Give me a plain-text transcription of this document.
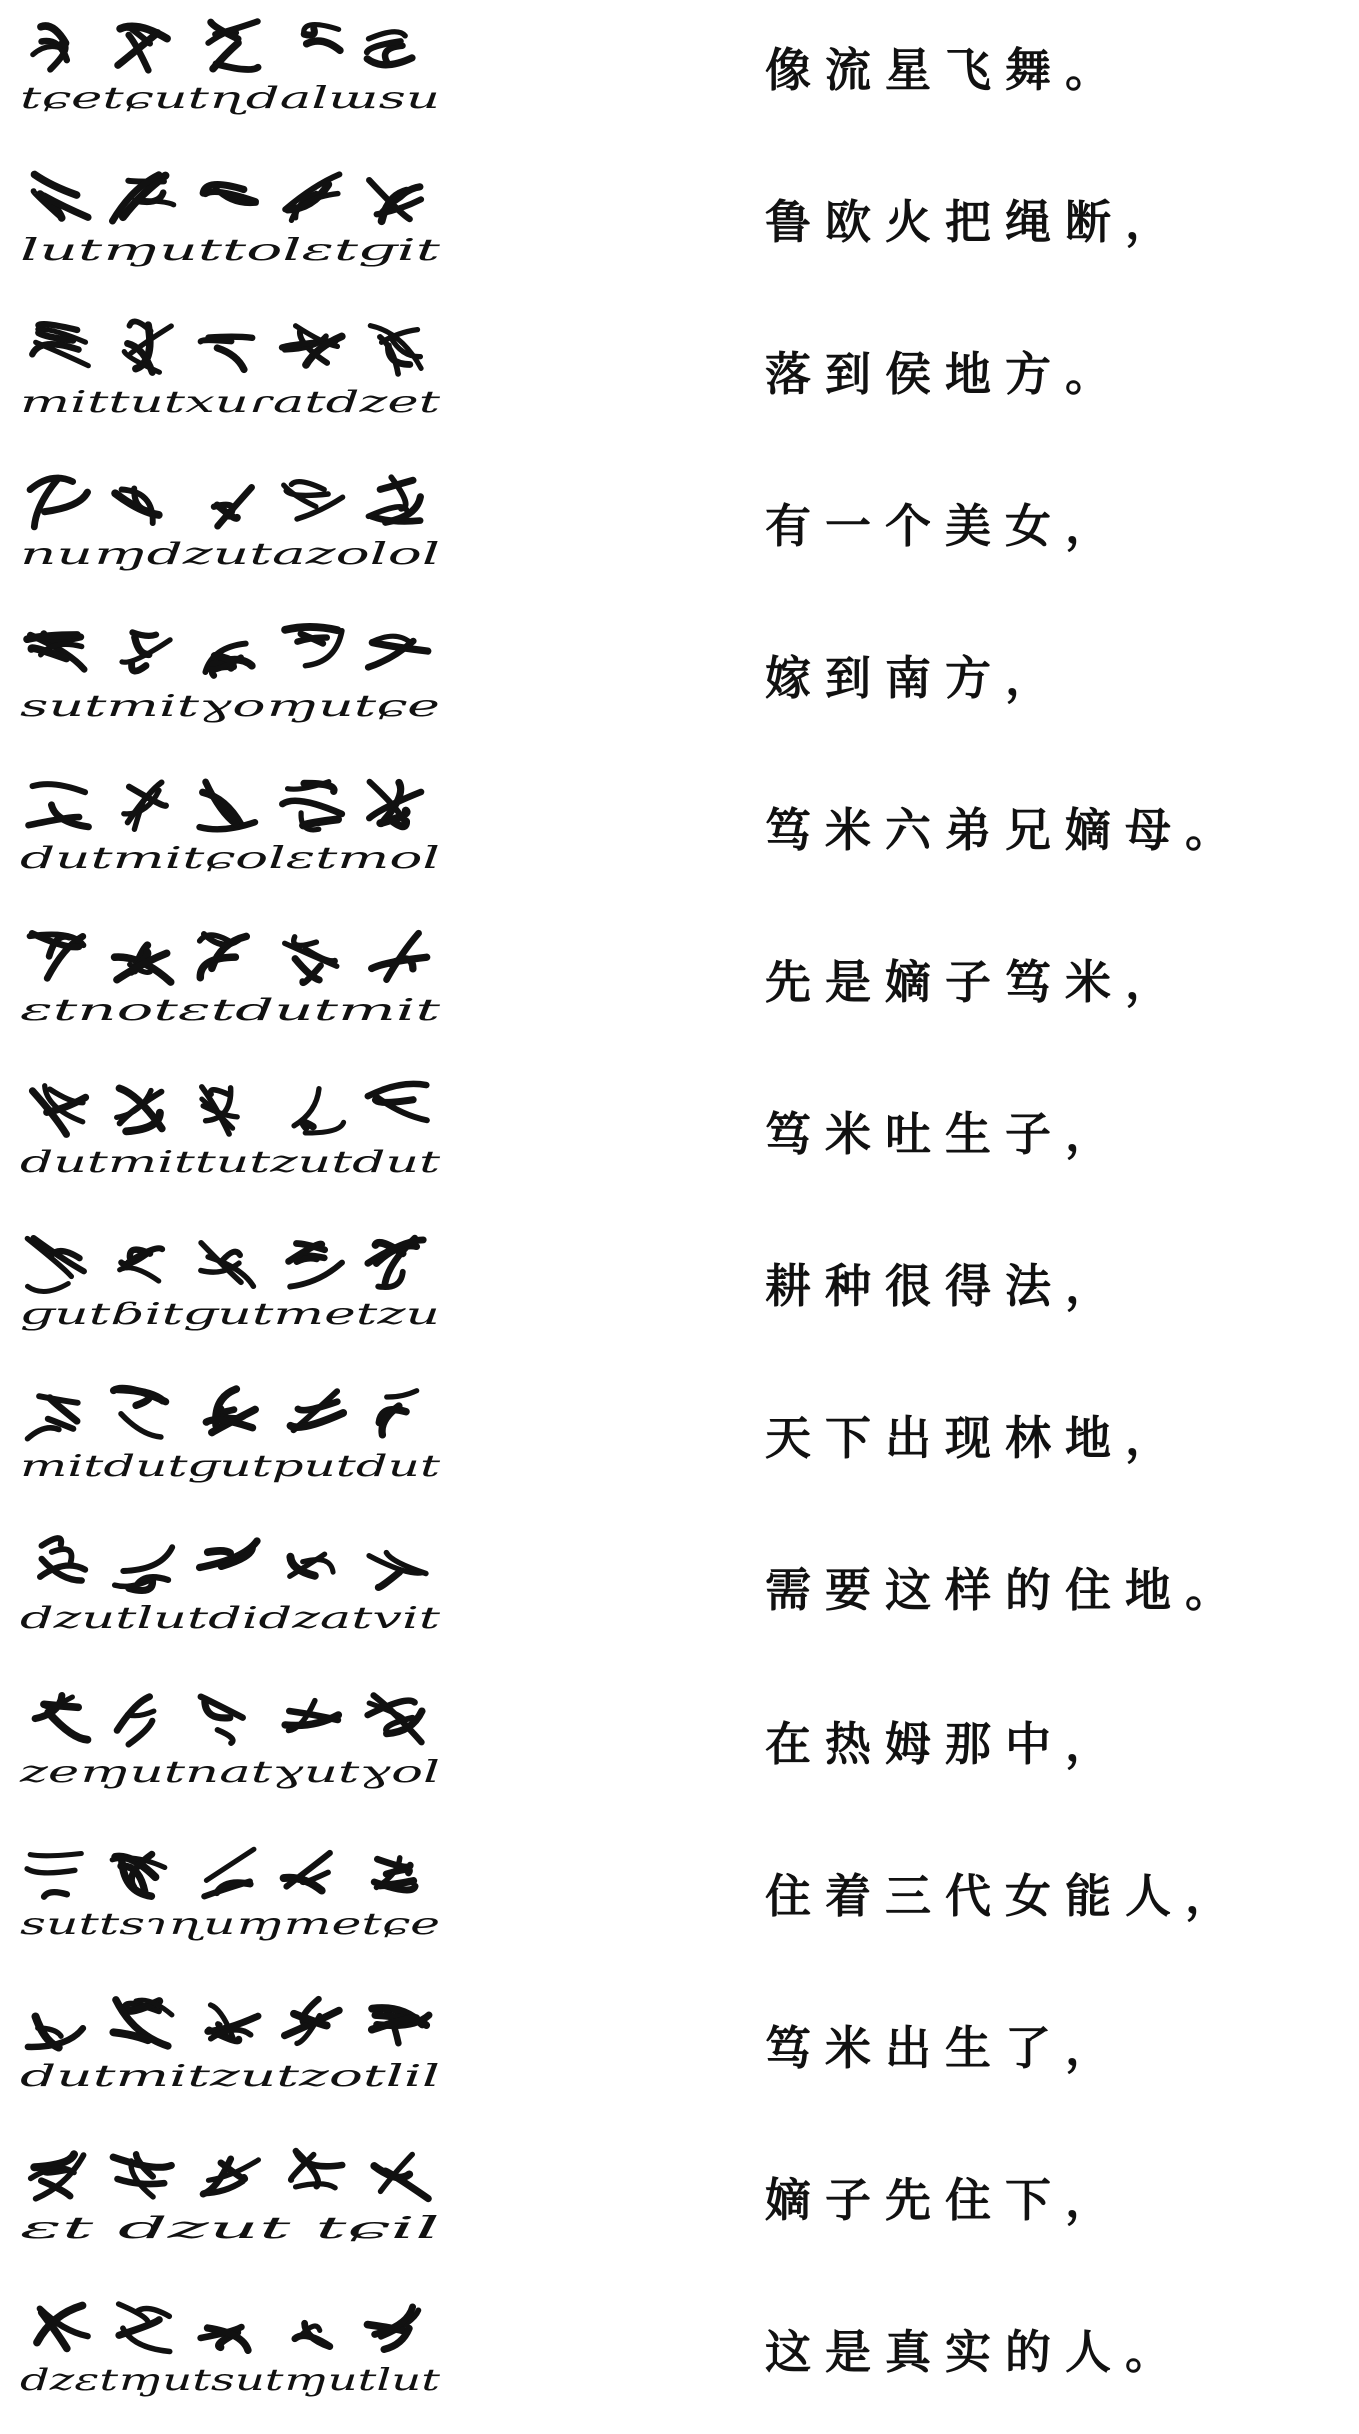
tɕetɕutɳdalɯsu
像流星飞舞。
lutɱuttolɛtɡit
鲁欧火把绳断，
mittutxuɾatdzet
落到侯地方。
nuɱdzutazolol
有一个美女，
sutmitɣoɱutɕe
嫁到南方，
dutmitɕolɛtmol
笃米六弟兄嫡母。
ɛtnotɛtdutmit
先是嫡子笃米，
dutmittutzutdut
笃米吐生子，
ɡutɓitɡutmetzu
耕种很得法，
mitdutɡutputdut
天下出现林地，
dzutlutdidzatvit
需要这样的住地。
zeɱutnatɣutɣol
在热姆那中，
suttsɿɳuɱmetɕe
住着三代女能人，
dutmitzutzotlil
笃米出生了，
ɛt dzut tɕil
嫡子先住下，
dzɛtɱutsutɱutlut
这是真实的人。
